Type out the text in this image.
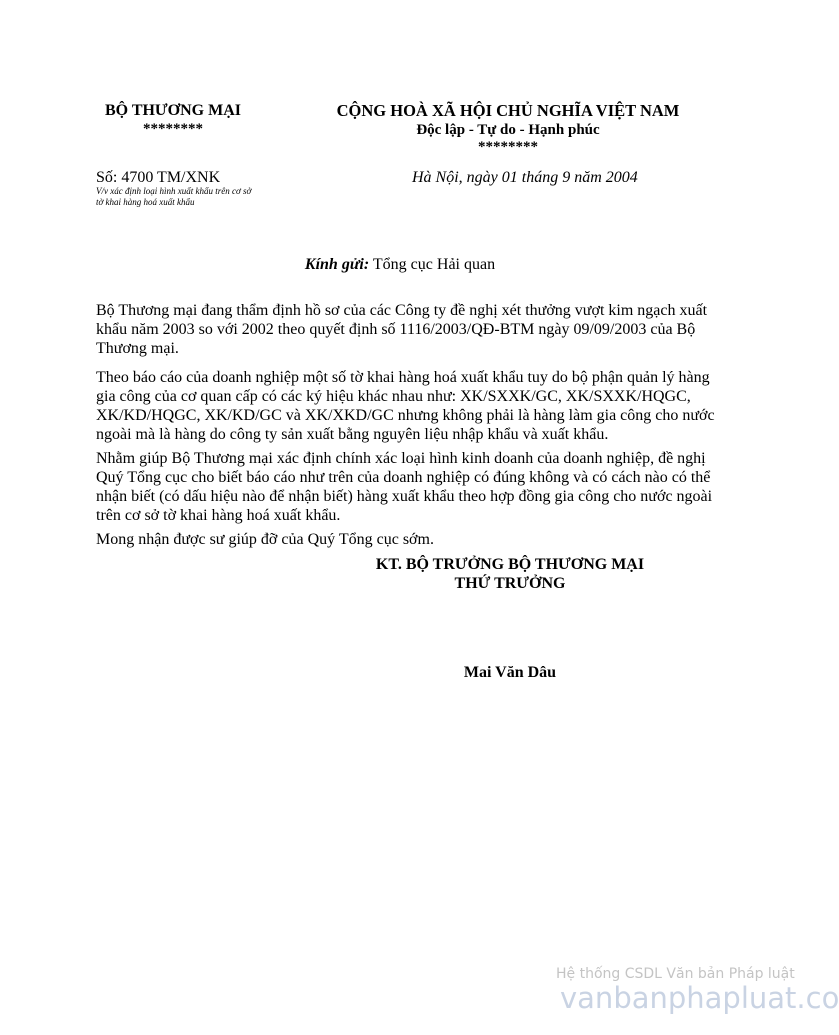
BỘ THƯƠNG MẠI
********
CỘNG HOÀ XÃ HỘI CHỦ NGHĨA VIỆT NAM
Độc lập - Tự do - Hạnh phúc
********
Số: 4700 TM/XNK
V/v xác định loại hình xuất khẩu trên cơ sở tờ khai hàng hoá xuất khẩu
Hà Nội, ngày 01 tháng 9 năm 2004
Kính gửi: Tổng cục Hải quan
Bộ Thương mại đang thẩm định hồ sơ của các Công ty đề nghị xét thưởng vượt kim ngạch xuất khẩu năm 2003 so với 2002 theo quyết định số 1116/2003/QĐ-BTM ngày 09/09/2003 của Bộ Thương mại.
Theo báo cáo của doanh nghiệp một số tờ khai hàng hoá xuất khẩu tuy do bộ phận quản lý hàng gia công của cơ quan cấp có các ký hiệu khác nhau như: XK/SXXK/GC, XK/SXXK/HQGC, XK/KD/HQGC, XK/KD/GC và XK/XKD/GC nhưng không phải là hàng làm gia công cho nước ngoài mà là hàng do công ty sản xuất bằng nguyên liệu nhập khẩu và xuất khẩu.
Nhằm giúp Bộ Thương mại xác định chính xác loại hình kinh doanh của doanh nghiệp, đề nghị Quý Tổng cục cho biết báo cáo như trên của doanh nghiệp có đúng không và có cách nào có thể nhận biết (có dấu hiệu nào để nhận biết) hàng xuất khẩu theo hợp đồng gia công cho nước ngoài trên cơ sở tờ khai hàng hoá xuất khẩu.
Mong nhận được sư giúp đỡ của Quý Tổng cục sớm.
KT. BỘ TRƯỞNG BỘ THƯƠNG MẠI
THỨ TRƯỞNG
Mai Văn Dâu
Hệ thống CSDL Văn bản Pháp luật
vanbanphapluat.co
